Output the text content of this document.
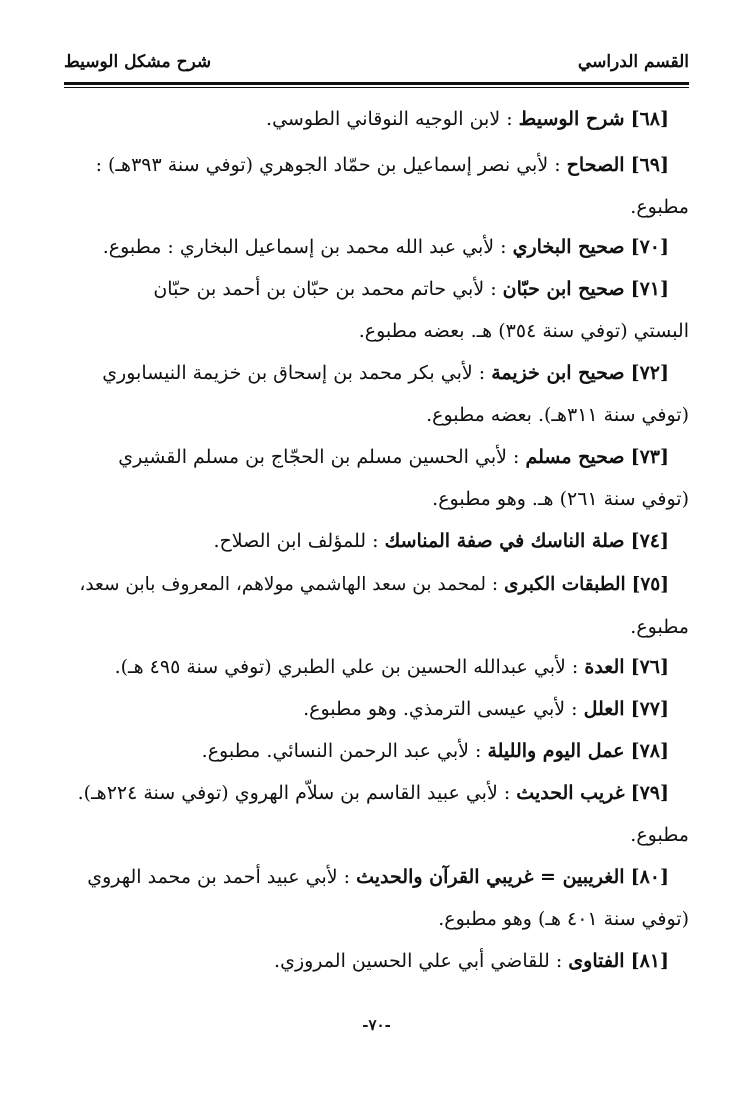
القسم الدراسي
شرح مشكل الوسيط
[٦٨] شرح الوسيط : لابن الوجيه النوقاني الطوسي.
[٦٩] الصحاح : لأبي نصر إسماعيل بن حمّاد الجوهري (توفي سنة ٣٩٣هـ) :
مطبوع.
[٧٠] صحيح البخاري : لأبي عبد الله محمد بن إسماعيل البخاري : مطبوع.
[٧١] صحيح ابن حبّان : لأبي حاتم محمد بن حبّان بن أحمد بن حبّان
البستي (توفي سنة ٣٥٤) هـ. بعضه مطبوع.
[٧٢] صحيح ابن خزيمة : لأبي بكر محمد بن إسحاق بن خزيمة النيسابوري
(توفي سنة ٣١١هـ). بعضه مطبوع.
[٧٣] صحيح مسلم : لأبي الحسين مسلم بن الحجّاج بن مسلم القشيري
(توفي سنة ٢٦١) هـ. وهو مطبوع.
[٧٤] صلة الناسك في صفة المناسك : للمؤلف ابن الصلاح.
[٧٥] الطبقات الكبرى : لمحمد بن سعد الهاشمي مولاهم، المعروف بابن سعد،
مطبوع.
[٧٦] العدة : لأبي عبدالله الحسين بن علي الطبري (توفي سنة ٤٩٥ هـ).
[٧٧] العلل : لأبي عيسى الترمذي. وهو مطبوع.
[٧٨] عمل اليوم والليلة : لأبي عبد الرحمن النسائي. مطبوع.
[٧٩] غريب الحديث : لأبي عبيد القاسم بن سلاّم الهروي (توفي سنة ٢٢٤هـ).
مطبوع.
[٨٠] الغريبين = غريبي القرآن والحديث : لأبي عبيد أحمد بن محمد الهروي
(توفي سنة ٤٠١ هـ) وهو مطبوع.
[٨١] الفتاوى : للقاضي أبي علي الحسين المروزي.
-٧٠-
